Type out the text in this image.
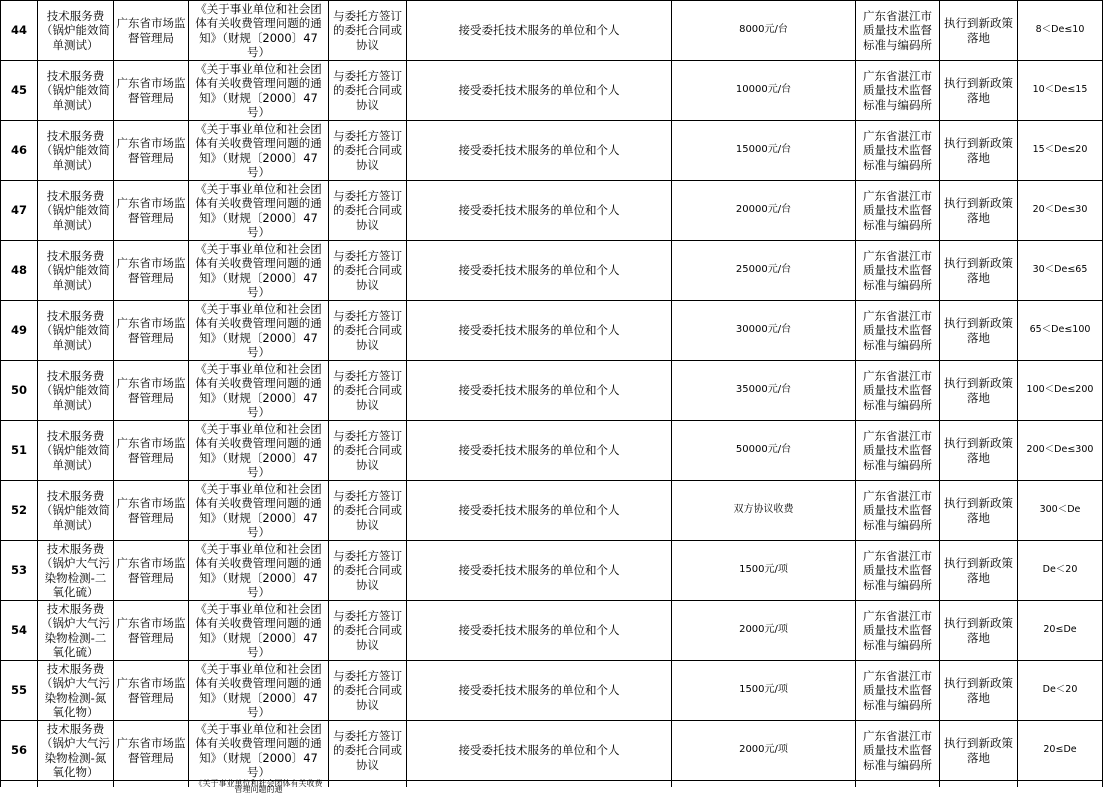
44	技术服务费（锅炉能效简单测试）	广东省市场监督管理局	《关于事业单位和社会团体有关收费管理问题的通知》（财规〔2000〕47号）	与委托方签订的委托合同或协议	接受委托技术服务的单位和个人	8000元/台	广东省湛江市质量技术监督标准与编码所	执行到新政策落地	8＜De≤10
45	技术服务费（锅炉能效简单测试）	广东省市场监督管理局	《关于事业单位和社会团体有关收费管理问题的通知》（财规〔2000〕47号）	与委托方签订的委托合同或协议	接受委托技术服务的单位和个人	10000元/台	广东省湛江市质量技术监督标准与编码所	执行到新政策落地	10＜De≤15
46	技术服务费（锅炉能效简单测试）	广东省市场监督管理局	《关于事业单位和社会团体有关收费管理问题的通知》（财规〔2000〕47号）	与委托方签订的委托合同或协议	接受委托技术服务的单位和个人	15000元/台	广东省湛江市质量技术监督标准与编码所	执行到新政策落地	15＜De≤20
47	技术服务费（锅炉能效简单测试）	广东省市场监督管理局	《关于事业单位和社会团体有关收费管理问题的通知》（财规〔2000〕47号）	与委托方签订的委托合同或协议	接受委托技术服务的单位和个人	20000元/台	广东省湛江市质量技术监督标准与编码所	执行到新政策落地	20＜De≤30
48	技术服务费（锅炉能效简单测试）	广东省市场监督管理局	《关于事业单位和社会团体有关收费管理问题的通知》（财规〔2000〕47号）	与委托方签订的委托合同或协议	接受委托技术服务的单位和个人	25000元/台	广东省湛江市质量技术监督标准与编码所	执行到新政策落地	30＜De≤65
49	技术服务费（锅炉能效简单测试）	广东省市场监督管理局	《关于事业单位和社会团体有关收费管理问题的通知》（财规〔2000〕47号）	与委托方签订的委托合同或协议	接受委托技术服务的单位和个人	30000元/台	广东省湛江市质量技术监督标准与编码所	执行到新政策落地	65＜De≤100
50	技术服务费（锅炉能效简单测试）	广东省市场监督管理局	《关于事业单位和社会团体有关收费管理问题的通知》（财规〔2000〕47号）	与委托方签订的委托合同或协议	接受委托技术服务的单位和个人	35000元/台	广东省湛江市质量技术监督标准与编码所	执行到新政策落地	100＜De≤200
51	技术服务费（锅炉能效简单测试）	广东省市场监督管理局	《关于事业单位和社会团体有关收费管理问题的通知》（财规〔2000〕47号）	与委托方签订的委托合同或协议	接受委托技术服务的单位和个人	50000元/台	广东省湛江市质量技术监督标准与编码所	执行到新政策落地	200＜De≤300
52	技术服务费（锅炉能效简单测试）	广东省市场监督管理局	《关于事业单位和社会团体有关收费管理问题的通知》（财规〔2000〕47号）	与委托方签订的委托合同或协议	接受委托技术服务的单位和个人	双方协议收费	广东省湛江市质量技术监督标准与编码所	执行到新政策落地	300＜De
53	技术服务费（锅炉大气污染物检测-二氧化硫）	广东省市场监督管理局	《关于事业单位和社会团体有关收费管理问题的通知》（财规〔2000〕47号）	与委托方签订的委托合同或协议	接受委托技术服务的单位和个人	1500元/项	广东省湛江市质量技术监督标准与编码所	执行到新政策落地	De＜20
54	技术服务费（锅炉大气污染物检测-二氧化硫）	广东省市场监督管理局	《关于事业单位和社会团体有关收费管理问题的通知》（财规〔2000〕47号）	与委托方签订的委托合同或协议	接受委托技术服务的单位和个人	2000元/项	广东省湛江市质量技术监督标准与编码所	执行到新政策落地	20≤De
55	技术服务费（锅炉大气污染物检测-氮氧化物）	广东省市场监督管理局	《关于事业单位和社会团体有关收费管理问题的通知》（财规〔2000〕47号）	与委托方签订的委托合同或协议	接受委托技术服务的单位和个人	1500元/项	广东省湛江市质量技术监督标准与编码所	执行到新政策落地	De＜20
56	技术服务费（锅炉大气污染物检测-氮氧化物）	广东省市场监督管理局	《关于事业单位和社会团体有关收费管理问题的通知》（财规〔2000〕47号）	与委托方签订的委托合同或协议	接受委托技术服务的单位和个人	2000元/项	广东省湛江市质量技术监督标准与编码所	执行到新政策落地	20≤De

			《关于事业单位和社会团体有关收费管理问题的通						
